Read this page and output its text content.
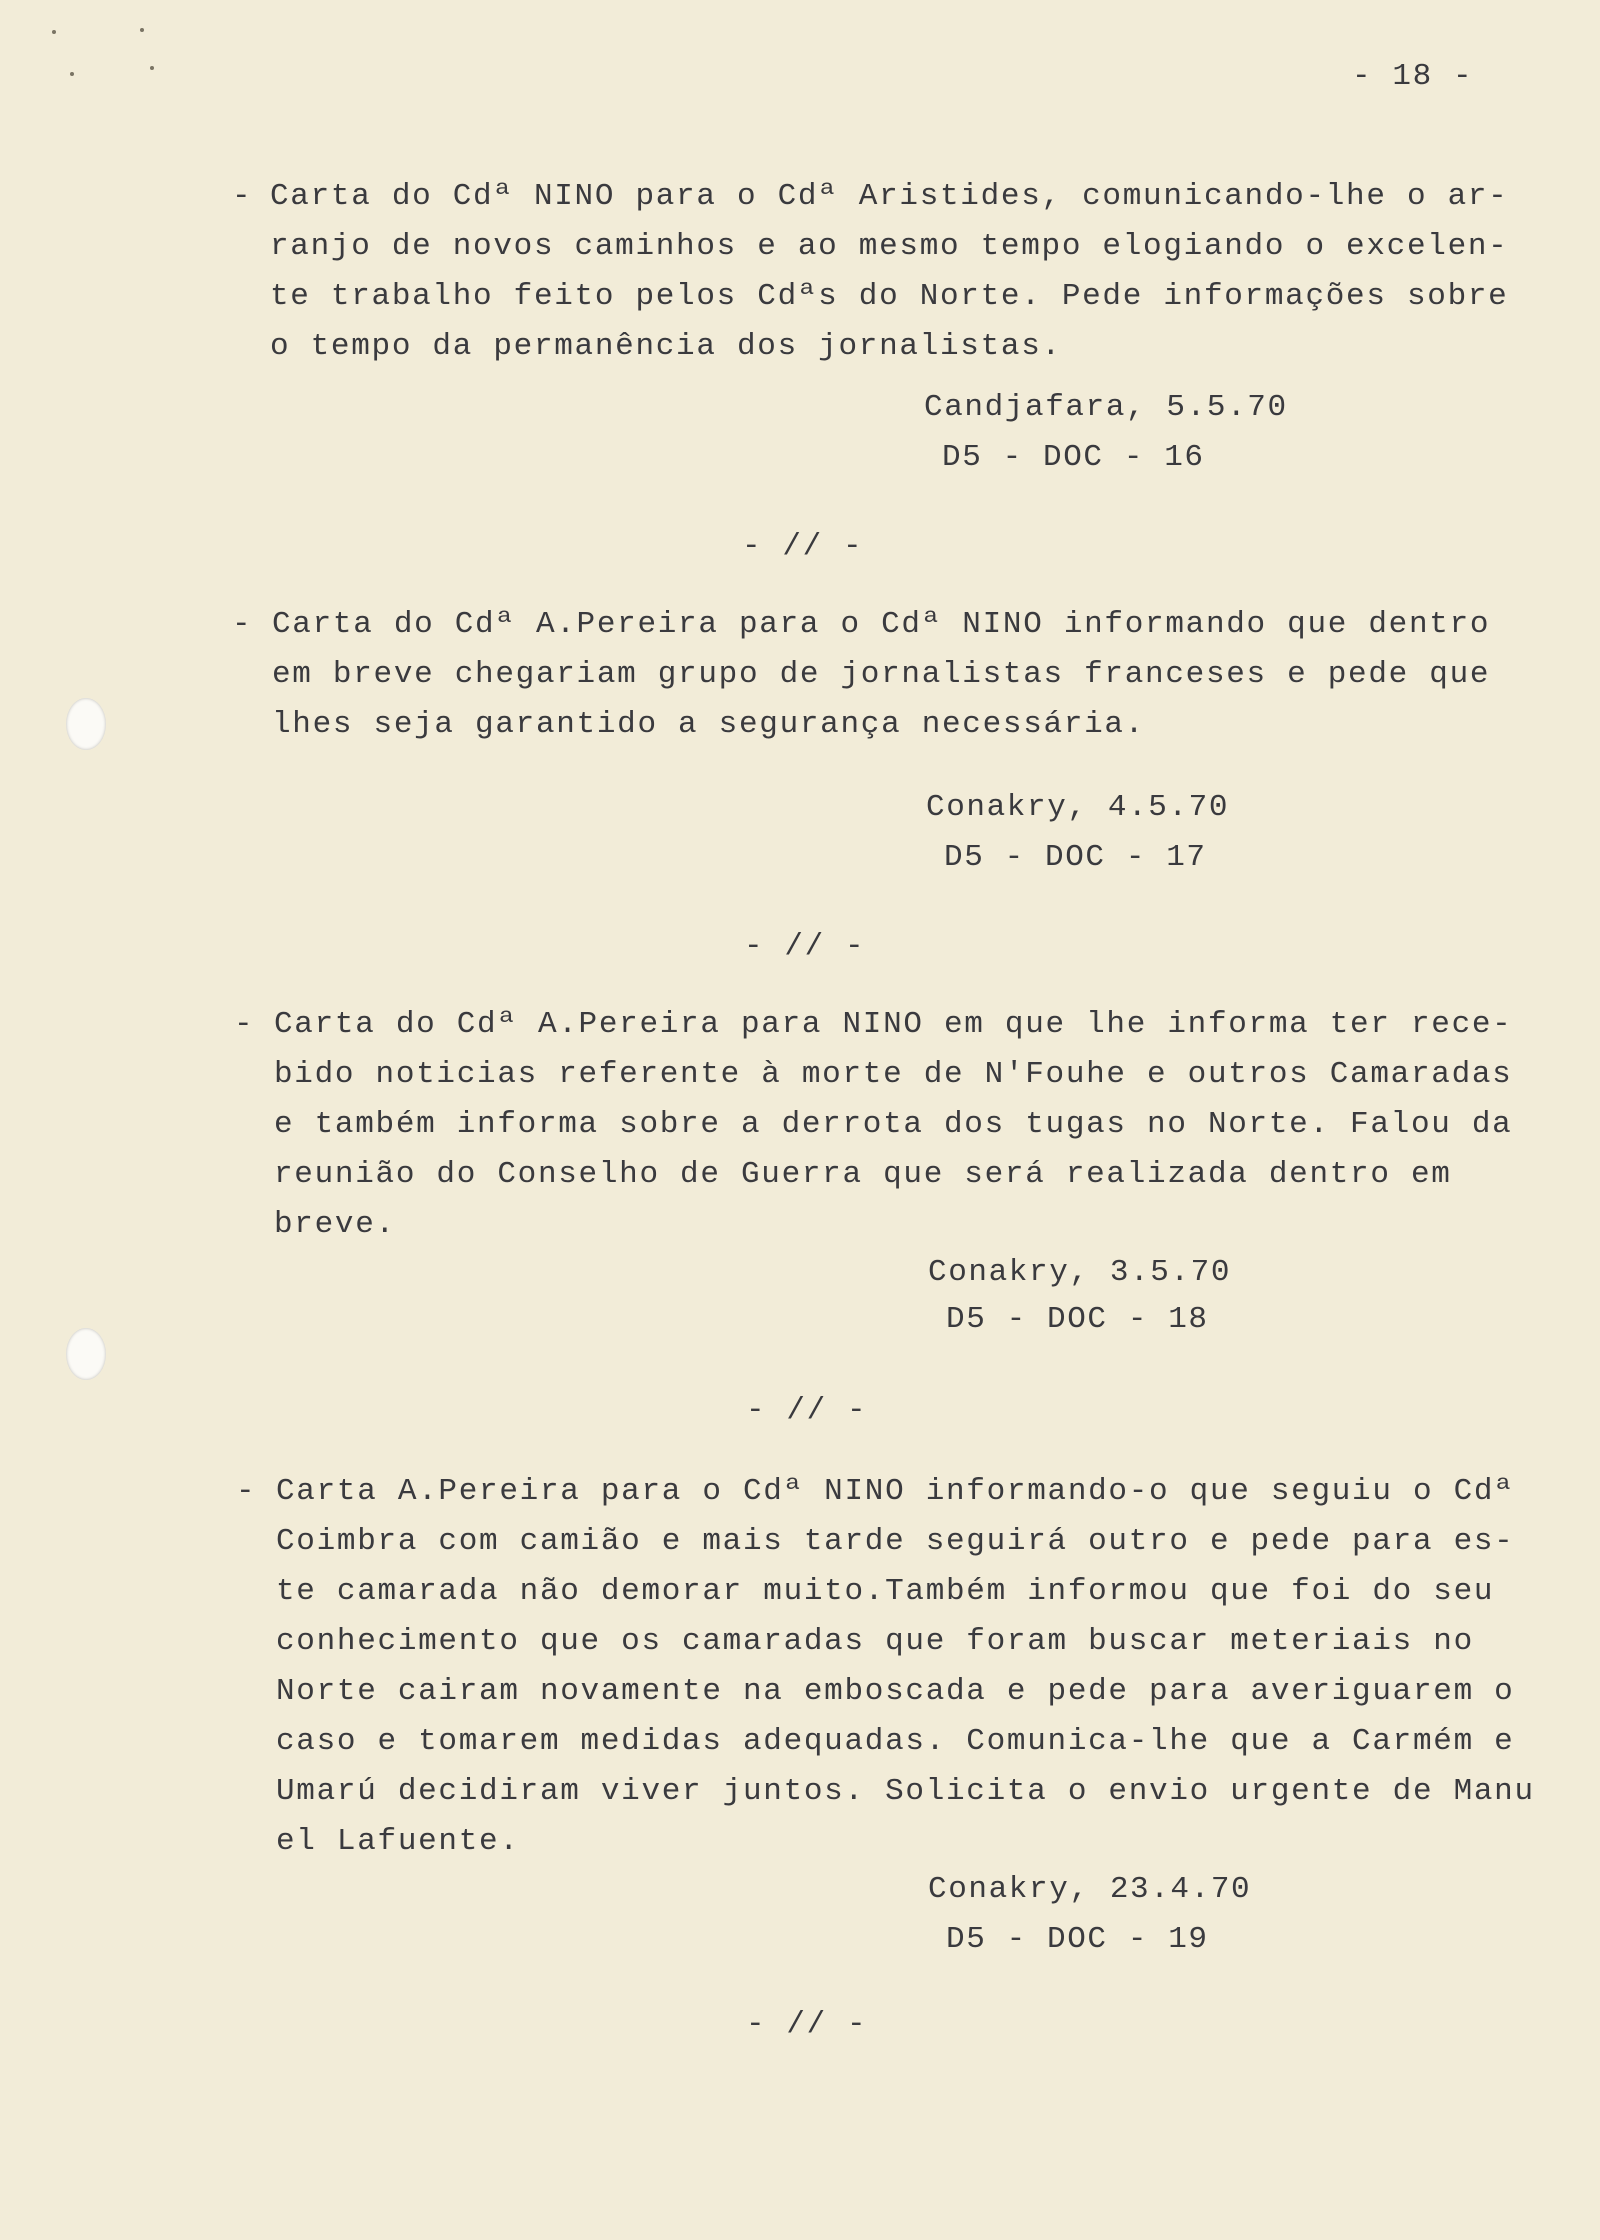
- 18 -

- Carta do Cdª NINO para o Cdª Aristides, comunicando-lhe o ar-
ranjo de novos caminhos e ao mesmo tempo elogiando o excelen-
te trabalho feito pelos Cdªs do Norte. Pede informações sobre
o tempo da permanência dos jornalistas.

Candjafara, 5.5.70

D5 - DOC - 16

- // -

- Carta do Cdª A.Pereira para o Cdª NINO informando que dentro
em breve chegariam grupo de jornalistas franceses e pede que
lhes seja garantido a segurança necessária.

Conakry, 4.5.70

D5 - DOC - 17

- // -

- Carta do Cdª A.Pereira para NINO em que lhe informa ter rece-
bido noticias referente à morte de N'Fouhe e outros Camaradas
e também informa sobre a derrota dos tugas no Norte. Falou da
reunião do Conselho de Guerra que será realizada dentro em
breve.

Conakry, 3.5.70

D5 - DOC - 18

- // -

- Carta A.Pereira para o Cdª NINO informando-o que seguiu o Cdª
Coimbra com camião e mais tarde seguirá outro e pede para es-
te camarada não demorar muito.Também informou que foi do seu
conhecimento que os camaradas que foram buscar meteriais no
Norte cairam novamente na emboscada e pede para averiguarem o
caso e tomarem medidas adequadas. Comunica-lhe que a Carmém e
Umarú decidiram viver juntos. Solicita o envio urgente de Manu
el Lafuente.

Conakry, 23.4.70

D5 - DOC - 19

- // -
